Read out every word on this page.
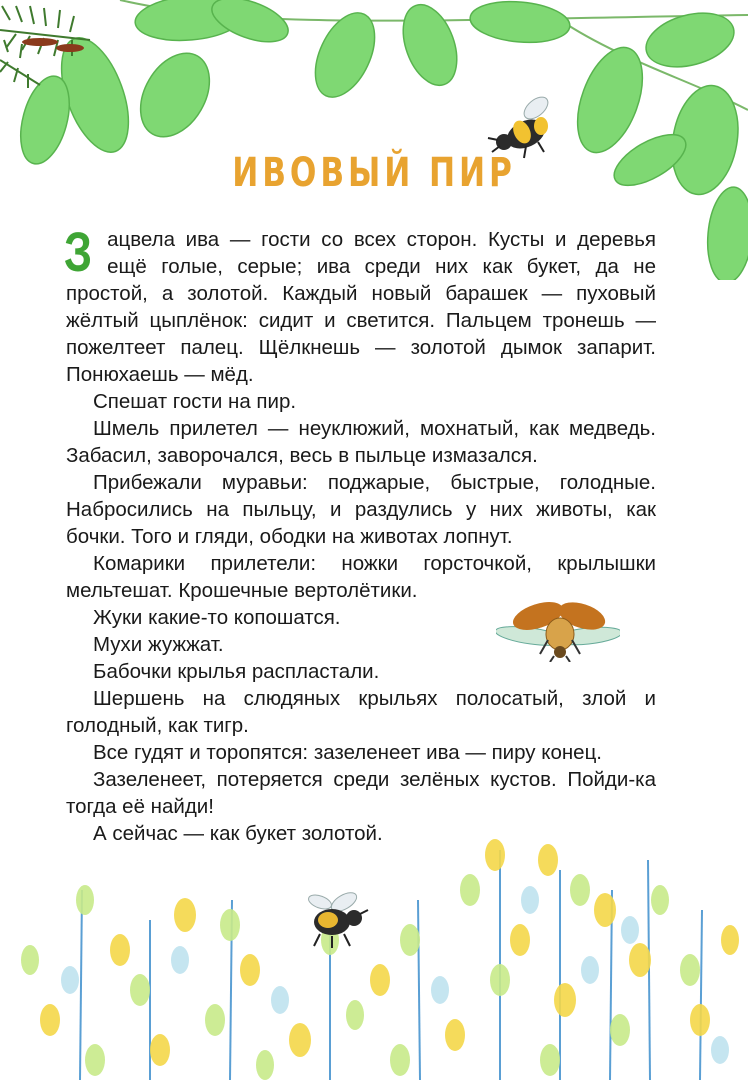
ИВОВЫЙ ПИР

Зацвела ива — гости со всех сторон. Кусты и деревья ещё голые, серые; ива среди них как букет, да не простой, а золотой. Каждый новый барашек — пуховый жёлтый цыплёнок: сидит и светится. Пальцем тронешь — пожелтеет палец. Щёлкнешь — золотой дымок запарит. Понюхаешь — мёд.

Спешат гости на пир.

Шмель прилетел — неуклюжий, мохнатый, как медведь. Забасил, заворочался, весь в пыльце измазался.

Прибежали муравьи: поджарые, быстрые, голодные. Набросились на пыльцу, и раздулись у них животы, как бочки. Того и гляди, ободки на животах лопнут.

Комарики прилетели: ножки горсточкой, крылышки мельтешат. Крошечные вертолётики.

Жуки какие-то копошатся.

Мухи жужжат.

Бабочки крылья распластали.

Шершень на слюдяных крыльях полосатый, злой и голодный, как тигр.

Все гудят и торопятся: зазеленеет ива — пиру конец.

Зазеленеет, потеряется среди зелёных кустов. Пойди-ка тогда её найди!

А сейчас — как букет золотой.
